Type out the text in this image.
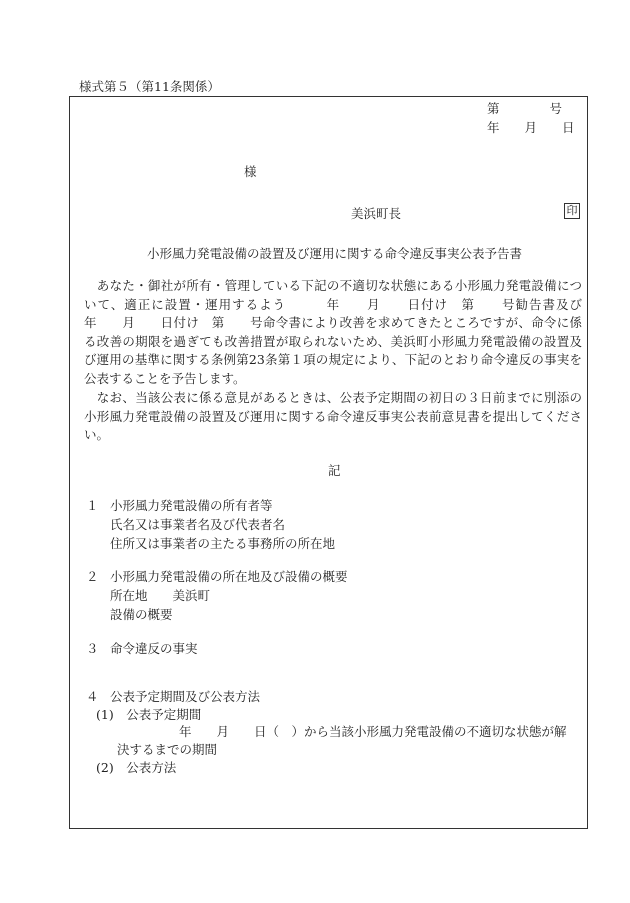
様式第５（第11条関係）
第　　　　号
年　　月　　日
様
美浜町長	印
小形風力発電設備の設置及び運用に関する命令違反事実公表予告書
　あなた・御社が所有・管理している下記の不適切な状態にある小形風力発電設備について、適正に設置・運用するよう　　　年　　月　　日付け　第　　号勧告書及び　　年　　月　　日付け　第　　号命令書により改善を求めてきたところですが、命令に係る改善の期限を過ぎても改善措置が取られないため、美浜町小形風力発電設備の設置及び運用の基準に関する条例第23条第１項の規定により、下記のとおり命令違反の事実を公表することを予告します。
　なお、当該公表に係る意見があるときは、公表予定期間の初日の３日前までに別添の小形風力発電設備の設置及び運用に関する命令違反事実公表前意見書を提出してください。
記
１ 小形風力発電設備の所有者等
氏名又は事業者名及び代表者名
住所又は事業者の主たる事務所の所在地
２ 小形風力発電設備の所在地及び設備の概要
所在地　　美浜町
設備の概要
３ 命令違反の事実
４ 公表予定期間及び公表方法
(1)　公表予定期間
年　　月　　日（　）から当該小形風力発電設備の不適切な状態が解
決するまでの期間
(2)　公表方法
